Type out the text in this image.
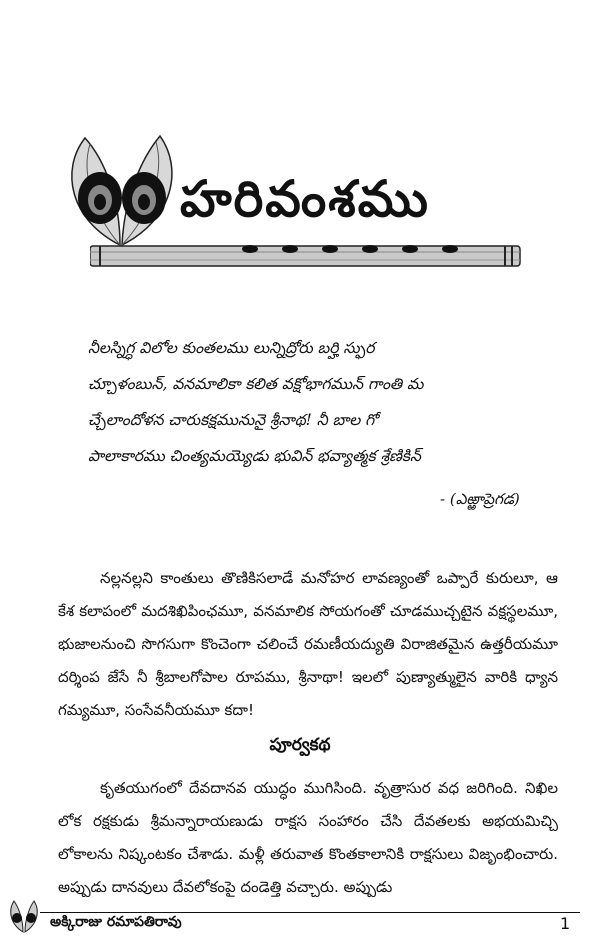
హరివంశము
నీలస్నిగ్ధ విలోల కుంతలము లున్నిద్రోరు బర్హి స్ఫుర
చ్చూళంబున్, వనమాలికా కలిత వక్షోభాగమున్ గాంతి మ
చ్చేలాందోళన చారుకక్షమునునై శ్రీనాథ! నీ బాల గో
పాలాకారము చింత్యమయ్యెడు భువిన్ భవ్యాత్మక శ్రేణికిన్
- (ఎఱ్ఱాప్రెగడ)

నల్లనల్లని కాంతులు తొణికిసలాడే మనోహర లావణ్యంతో ఒప్పారే కురులూ, ఆ కేశ కలాపంలో మదశిఖిపింఛమూ, వనమాలిక సోయగంతో చూడముచ్చటైన వక్షస్థలమూ, భుజాలనుంచి సొగసుగా కొంచెంగా చలించే రమణీయద్యుతి విరాజితమైన ఉత్తరీయమూ దర్శింప జేసే నీ శ్రీబాలగోపాల రూపము, శ్రీనాథా! ఇలలో పుణ్యాత్ములైన వారికి ధ్యాన గమ్యమూ, సంసేవనీయమూ కదా!

పూర్వకథ

కృతయుగంలో దేవదానవ యుద్ధం ముగిసింది. వృత్రాసుర వధ జరిగింది. నిఖిల లోక రక్షకుడు శ్రీమన్నారాయణుడు రాక్షస సంహారం చేసి దేవతలకు అభయమిచ్చి లోకాలను నిష్కంటకం చేశాడు. మళ్లీ తరువాత కొంతకాలానికి రాక్షసులు విజృంభించారు. అప్పుడు దానవులు దేవలోకంపై దండెత్తి వచ్చారు. అప్పుడు

అక్కిరాజు రమాపతిరావు	1
